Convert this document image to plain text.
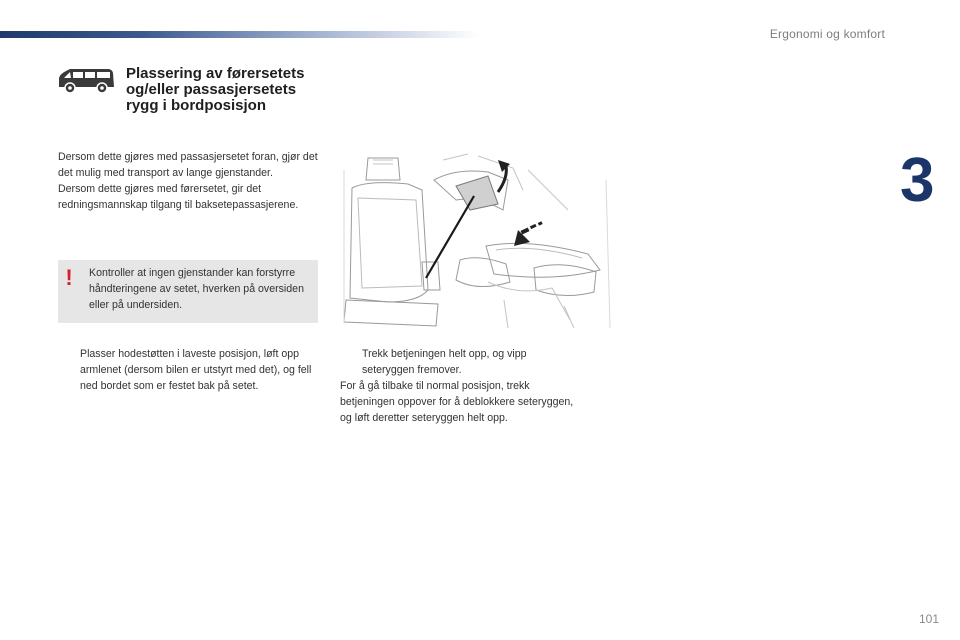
Ergonomi og komfort
3
Plassering av førersetets og/eller passasjersetets rygg i bordposisjon

Dersom dette gjøres med passasjersetet foran, gjør det det mulig med transport av lange gjenstander.
Dersom dette gjøres med førersetet, gir det redningsmannskap tilgang til baksetepassasjerene.

!	Kontroller at ingen gjenstander kan forstyrre håndteringene av setet, hverken på oversiden eller på undersiden.

Plasser hodestøtten i laveste posisjon, løft opp armlenet (dersom bilen er utstyrt med det), og fell ned bordet som er festet bak på setet.
Trekk betjeningen helt opp, og vipp seteryggen fremover.

For å gå tilbake til normal posisjon, trekk betjeningen oppover for å deblokkere seteryggen, og løft deretter seteryggen helt opp.

101
